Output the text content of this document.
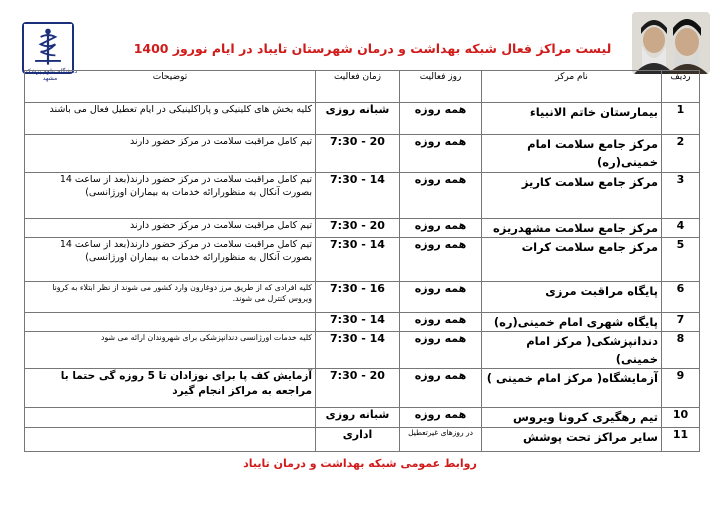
دانشگاه علوم پزشکی مشهد
لیست مراکز فعال شبکه بهداشت و درمان شهرستان تایباد در ایام نوروز 1400
ردیف	نام مرکز	روز فعالیت	زمان فعالیت	توضیحات
1	بیمارستان خاتم الانبیاء	همه روزه	شبانه روزی	کلیه بخش های کلینیکی و پاراکلینیکی در ایام تعطیل فعال می باشند
2	مرکز جامع سلامت امام خمینی(ره)	همه روزه	20 - 7:30	تیم کامل مراقبت سلامت در مرکز حضور دارند
3	مرکز جامع سلامت کاریز	همه روزه	14 - 7:30	تیم کامل مراقبت سلامت در مرکز حضور دارند(بعد از ساعت 14 بصورت آنکال به منظورارائه خدمات به بیماران اورژانسی)
4	مرکز جامع سلامت مشهدریزه	همه روزه	20 - 7:30	تیم کامل مراقبت سلامت در مرکز حضور دارند
5	مرکز جامع سلامت کرات	همه روزه	14 - 7:30	تیم کامل مراقبت سلامت در مرکز حضور دارند(بعد از ساعت 14 بصورت آنکال به منظورارائه خدمات به بیماران اورژانسی)
6	پایگاه مراقبت مرزی	همه روزه	16 - 7:30	کلیه افرادی که از طریق مرز دوغارون وارد کشور می شوند از نظر ابتلاء به کرونا ویروس کنترل می شوند.
7	پایگاه شهری امام خمینی(ره)	همه روزه	14 - 7:30	
8	دندانپزشکی( مرکز امام خمینی)	همه روزه	14 - 7:30	کلیه خدمات اورژانسی دندانپزشکی برای شهروندان ارائه می شود
9	آزمایشگاه( مرکز امام خمینی )	همه روزه	20 - 7:30	آزمایش کف پا برای نوزادان تا 5 روزه گی حتما با مراجعه به مراکز انجام گیرد
10	تیم رهگیری کرونا ویروس	همه روزه	شبانه روزی	
11	سایر مراکز تحت پوشش	در روزهای غیرتعطیل	اداری	
روابط عمومی شبکه بهداشت و درمان تایباد
